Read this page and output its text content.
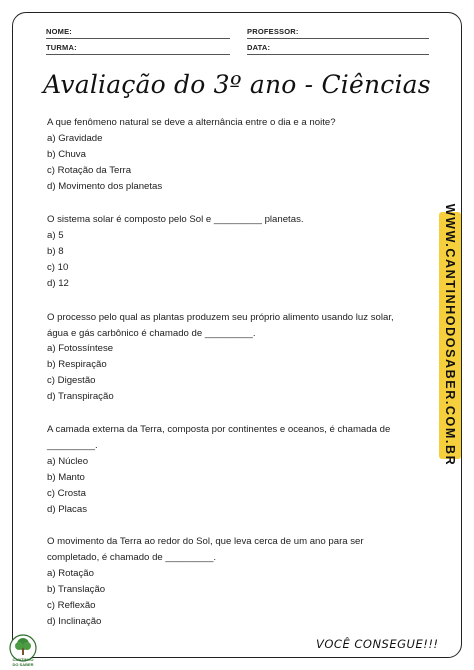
NOME:	PROFESSOR:
TURMA:	DATA:
Avaliação do 3º ano - Ciências
A que fenômeno natural se deve a alternância entre o dia e a noite?
a) Gravidade
b) Chuva
c) Rotação da Terra
d) Movimento dos planetas
O sistema solar é composto pelo Sol e _________ planetas.
a) 5
b) 8
c) 10
d) 12
O processo pelo qual as plantas produzem seu próprio alimento usando luz solar, água e gás carbônico é chamado de _________.
a) Fotossíntese
b) Respiração
c) Digestão
d) Transpiração
A camada externa da Terra, composta por continentes e oceanos, é chamada de _________.
a) Núcleo
b) Manto
c) Crosta
d) Placas
O movimento da Terra ao redor do Sol, que leva cerca de um ano para ser completado, é chamado de _________.
a) Rotação
b) Translação
c) Reflexão
d) Inclinação
WWW.CANTINHODOSABER.COM.BR
VOCÊ CONSEGUE!!!
CANTINHO
DO SABER
